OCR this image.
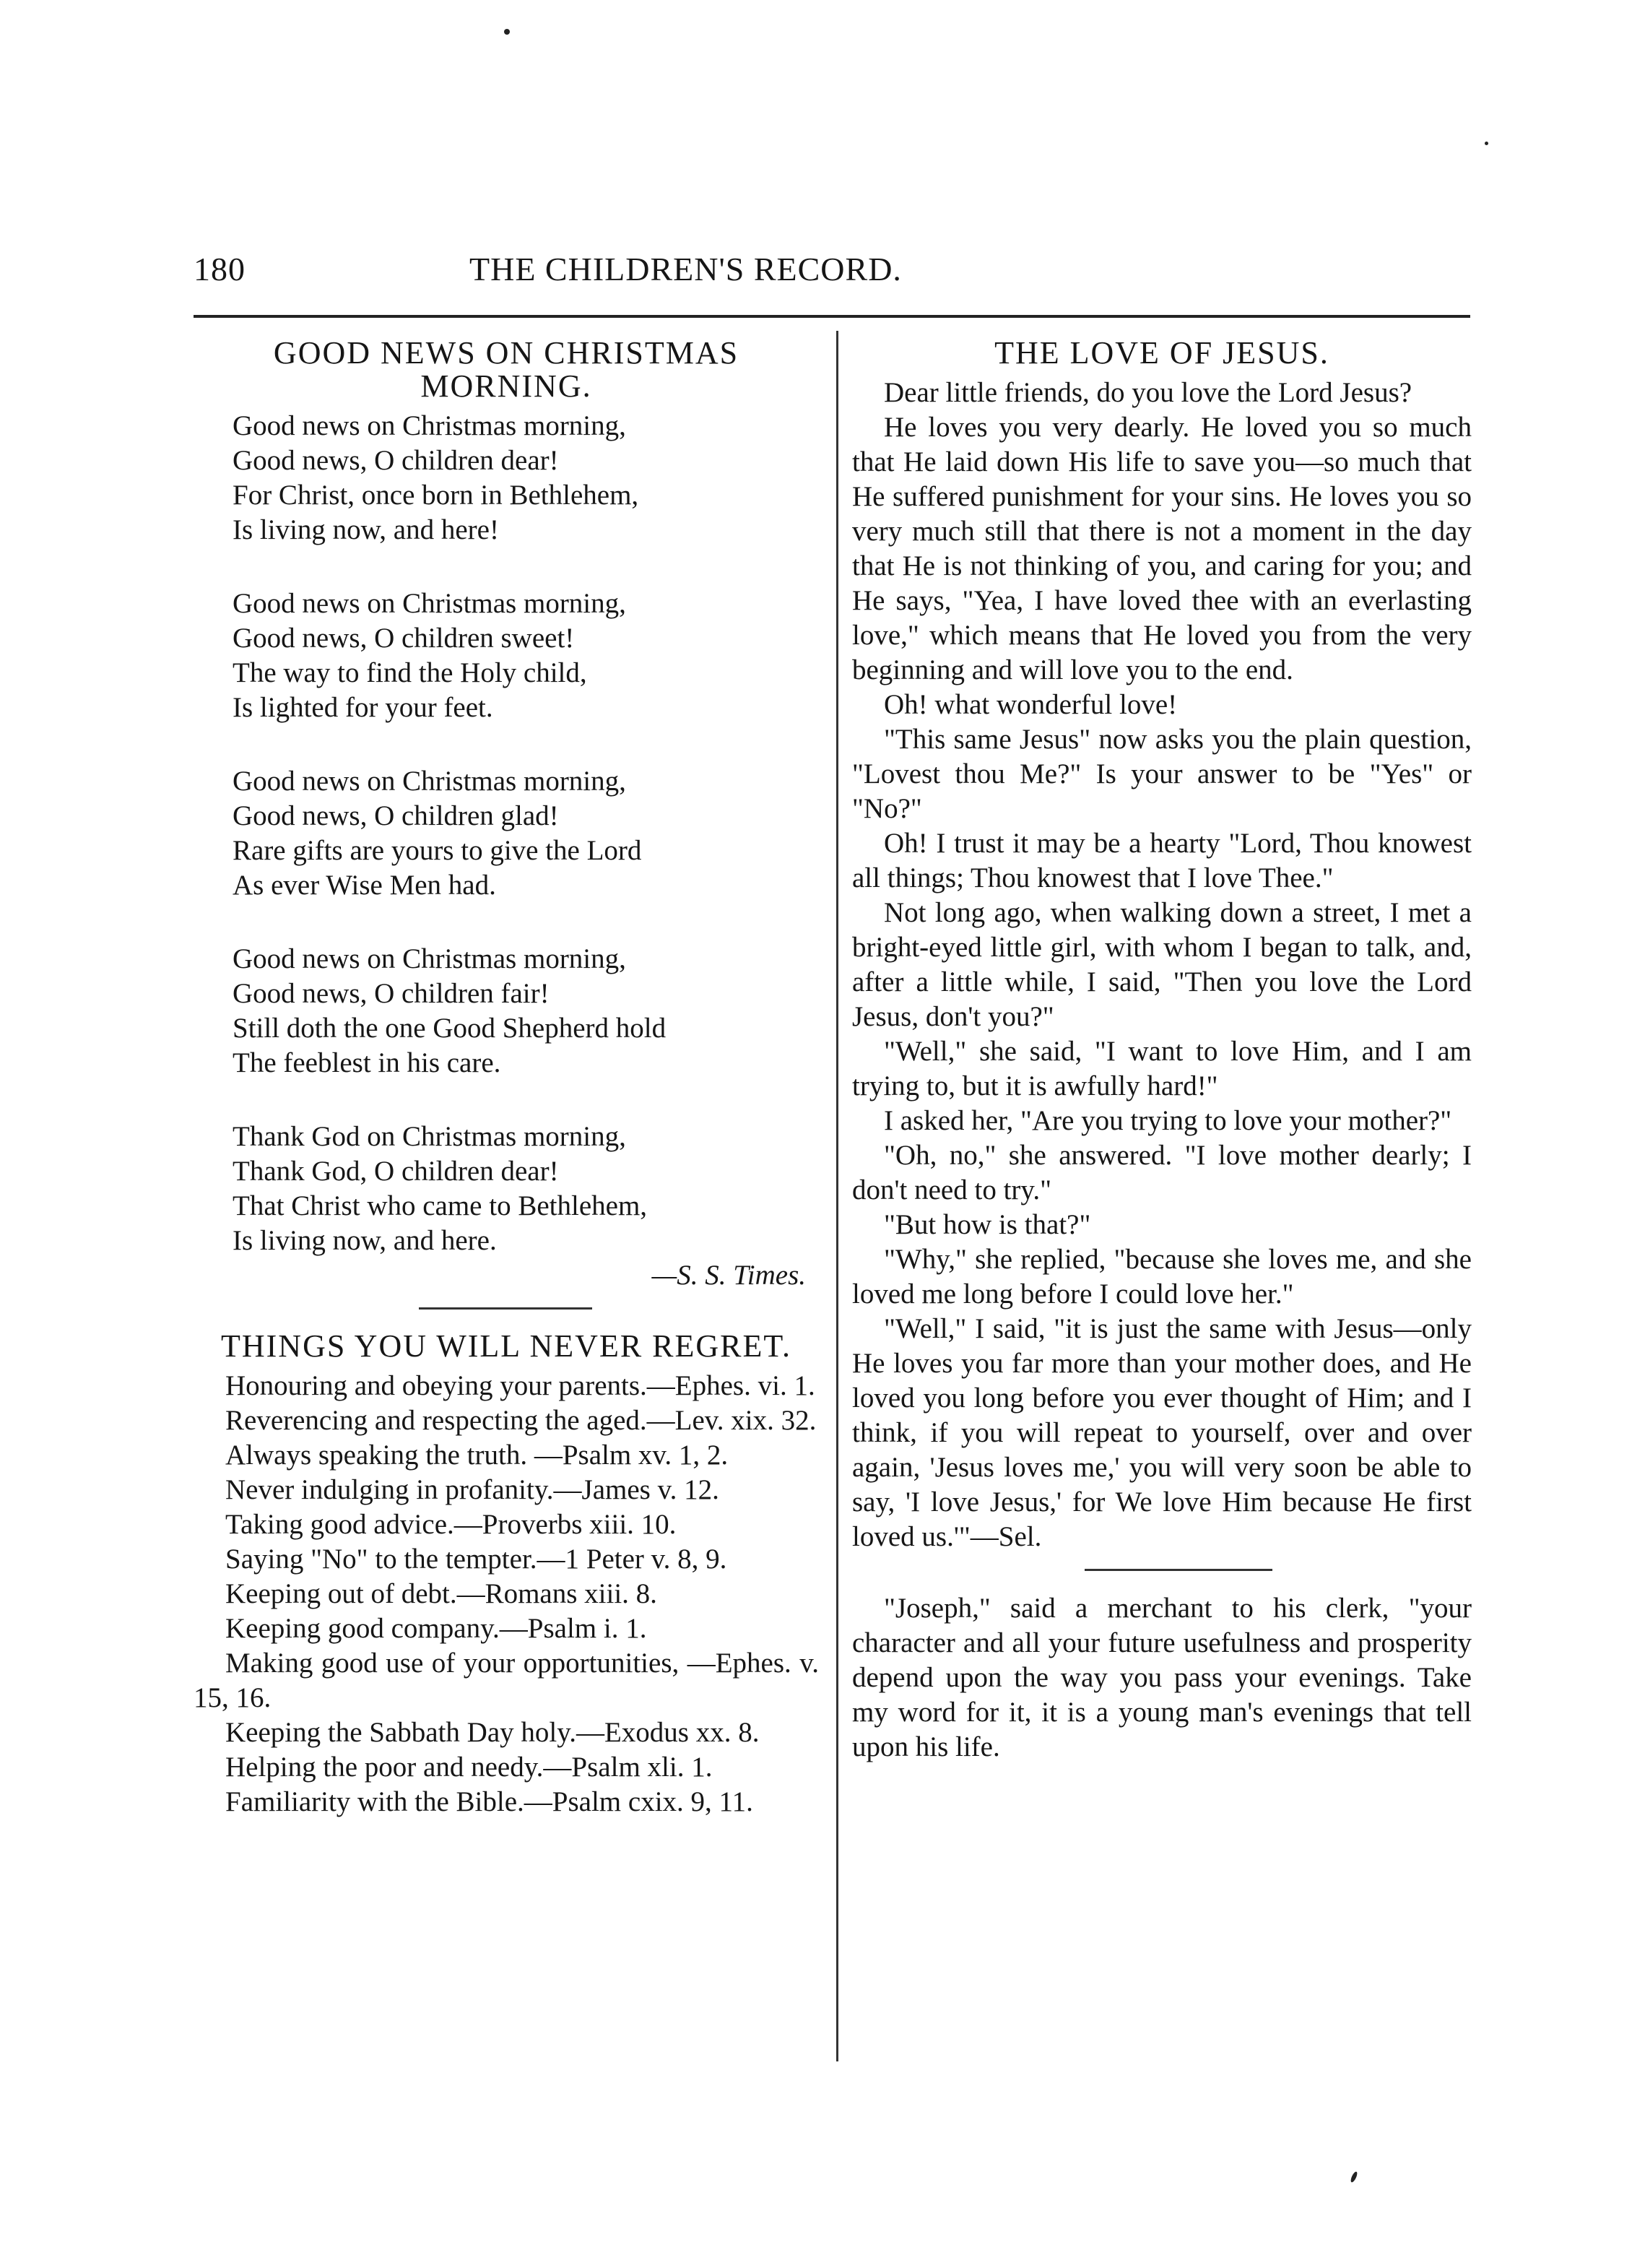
180	THE CHILDREN'S RECORD.
GOOD NEWS ON CHRISTMAS MORNING.
Good news on Christmas morning,
Good news, O children dear!
For Christ, once born in Bethlehem,
Is living now, and here!
Good news on Christmas morning,
Good news, O children sweet!
The way to find the Holy child,
Is lighted for your feet.
Good news on Christmas morning,
Good news, O children glad!
Rare gifts are yours to give the Lord
As ever Wise Men had.
Good news on Christmas morning,
Good news, O children fair!
Still doth the one Good Shepherd hold
The feeblest in his care.
Thank God on Christmas morning,
Thank God, O children dear!
That Christ who came to Bethlehem,
Is living now, and here.
—S. S. Times.
THINGS YOU WILL NEVER REGRET.
Honouring and obeying your parents.—Ephes. vi. 1.
Reverencing and respecting the aged.—Lev. xix. 32.
Always speaking the truth. —Psalm xv. 1, 2.
Never indulging in profanity.—James v. 12.
Taking good advice.—Proverbs xiii. 10.
Saying "No" to the tempter.—1 Peter v. 8, 9.
Keeping out of debt.—Romans xiii. 8.
Keeping good company.—Psalm i. 1.
Making good use of your opportunities, —Ephes. v. 15, 16.
Keeping the Sabbath Day holy.—Exodus xx. 8.
Helping the poor and needy.—Psalm xli. 1.
Familiarity with the Bible.—Psalm cxix. 9, 11.
THE LOVE OF JESUS.

Dear little friends, do you love the Lord Jesus?

He loves you very dearly. He loved you so much that He laid down His life to save you—so much that He suffered punishment for your sins. He loves you so very much still that there is not a moment in the day that He is not thinking of you, and caring for you; and He says, "Yea, I have loved thee with an everlasting love," which means that He loved you from the very beginning and will love you to the end.

Oh! what wonderful love!

"This same Jesus" now asks you the plain question, "Lovest thou Me?" Is your answer to be "Yes" or "No?"

Oh! I trust it may be a hearty "Lord, Thou knowest all things; Thou knowest that I love Thee."

Not long ago, when walking down a street, I met a bright-eyed little girl, with whom I began to talk, and, after a little while, I said, "Then you love the Lord Jesus, don't you?"

"Well," she said, "I want to love Him, and I am trying to, but it is awfully hard!"

I asked her, "Are you trying to love your mother?"

"Oh, no," she answered. "I love mother dearly; I don't need to try."

"But how is that?"

"Why," she replied, "because she loves me, and she loved me long before I could love her."

"Well," I said, "it is just the same with Jesus—only He loves you far more than your mother does, and He loved you long before you ever thought of Him; and I think, if you will repeat to yourself, over and over again, 'Jesus loves me,' you will very soon be able to say, 'I love Jesus,' for We love Him because He first loved us.'"—Sel.

"Joseph," said a merchant to his clerk, "your character and all your future usefulness and prosperity depend upon the way you pass your evenings. Take my word for it, it is a young man's evenings that tell upon his life.
